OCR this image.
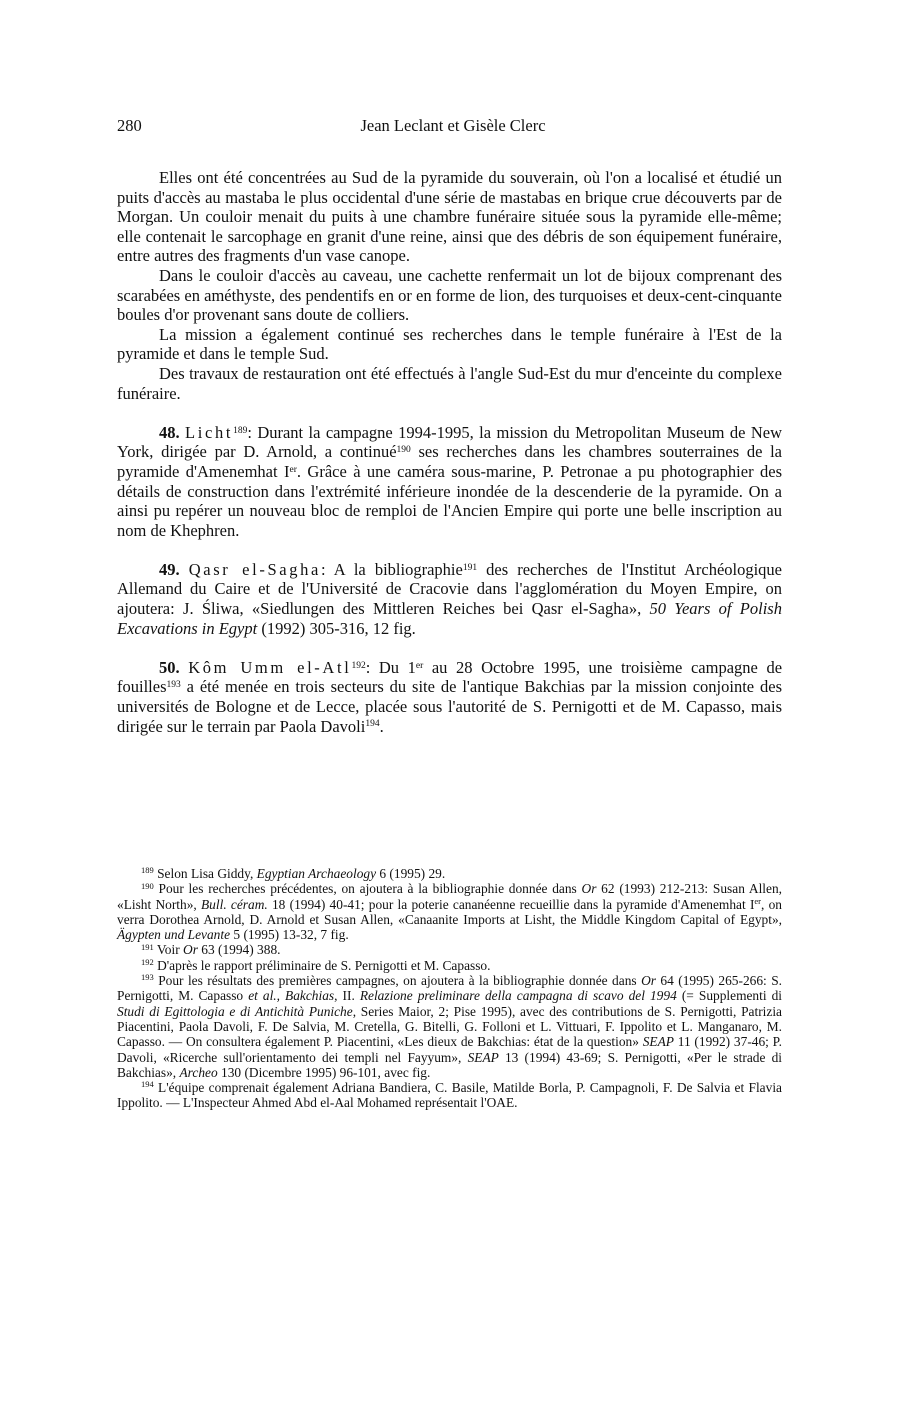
280	Jean Leclant et Gisèle Clerc

Elles ont été concentrées au Sud de la pyramide du souverain, où l'on a localisé et étudié un puits d'accès au mastaba le plus occidental d'une série de mastabas en brique crue découverts par de Morgan. Un couloir menait du puits à une chambre funéraire située sous la pyramide elle-même; elle contenait le sarcophage en granit d'une reine, ainsi que des débris de son équipement funéraire, entre autres des fragments d'un vase canope.

Dans le couloir d'accès au caveau, une cachette renfermait un lot de bijoux comprenant des scarabées en améthyste, des pendentifs en or en forme de lion, des turquoises et deux-cent-cinquante boules d'or provenant sans doute de colliers.

La mission a également continué ses recherches dans le temple funéraire à l'Est de la pyramide et dans le temple Sud.

Des travaux de restauration ont été effectués à l'angle Sud-Est du mur d'enceinte du complexe funéraire.

48. Licht$^{189}$: Durant la campagne 1994-1995, la mission du Metropolitan Museum de New York, dirigée par D. Arnold, a continué$^{190}$ ses recherches dans les chambres souterraines de la pyramide d'Amenemhat Ier. Grâce à une caméra sous-marine, P. Petronae a pu photographier des détails de construction dans l'extrémité inférieure inondée de la descenderie de la pyramide. On a ainsi pu repérer un nouveau bloc de remploi de l'Ancien Empire qui porte une belle inscription au nom de Khephren.

49. Qasr el-Sagha: A la bibliographie$^{191}$ des recherches de l'Institut Archéologique Allemand du Caire et de l'Université de Cracovie dans l'agglomération du Moyen Empire, on ajoutera: J. Śliwa, «Siedlungen des Mittleren Reiches bei Qasr el-Sagha», 50 Years of Polish Excavations in Egypt (1992) 305-316, 12 fig.

50. Kôm Umm el-Atl$^{192}$: Du 1er au 28 Octobre 1995, une troisième campagne de fouilles$^{193}$ a été menée en trois secteurs du site de l'antique Bakchias par la mission conjointe des universités de Bologne et de Lecce, placée sous l'autorité de S. Pernigotti et de M. Capasso, mais dirigée sur le terrain par Paola Davoli$^{194}$.

$^{189}$ Selon Lisa Giddy, Egyptian Archaeology 6 (1995) 29.

$^{190}$ Pour les recherches précédentes, on ajoutera à la bibliographie donnée dans Or 62 (1993) 212-213: Susan Allen, «Lisht North», Bull. céram. 18 (1994) 40-41; pour la poterie cananéenne recueillie dans la pyramide d'Amenemhat Ier, on verra Dorothea Arnold, D. Arnold et Susan Allen, «Canaanite Imports at Lisht, the Middle Kingdom Capital of Egypt», Ägypten und Levante 5 (1995) 13-32, 7 fig.

$^{191}$ Voir Or 63 (1994) 388.

$^{192}$ D'après le rapport préliminaire de S. Pernigotti et M. Capasso.

$^{193}$ Pour les résultats des premières campagnes, on ajoutera à la bibliographie donnée dans Or 64 (1995) 265-266: S. Pernigotti, M. Capasso et al., Bakchias, II. Relazione preliminare della campagna di scavo del 1994 (= Supplementi di Studi di Egittologia e di Antichità Puniche, Series Maior, 2; Pise 1995), avec des contributions de S. Pernigotti, Patrizia Piacentini, Paola Davoli, F. De Salvia, M. Cretella, G. Bitelli, G. Folloni et L. Vittuari, F. Ippolito et L. Manganaro, M. Capasso. — On consultera également P. Piacentini, «Les dieux de Bakchias: état de la question» SEAP 11 (1992) 37-46; P. Davoli, «Ricerche sull'orientamento dei templi nel Fayyum», SEAP 13 (1994) 43-69; S. Pernigotti, «Per le strade di Bakchias», Archeo 130 (Dicembre 1995) 96-101, avec fig.

$^{194}$ L'équipe comprenait également Adriana Bandiera, C. Basile, Matilde Borla, P. Campagnoli, F. De Salvia et Flavia Ippolito. — L'Inspecteur Ahmed Abd el-Aal Mohamed représentait l'OAE.
